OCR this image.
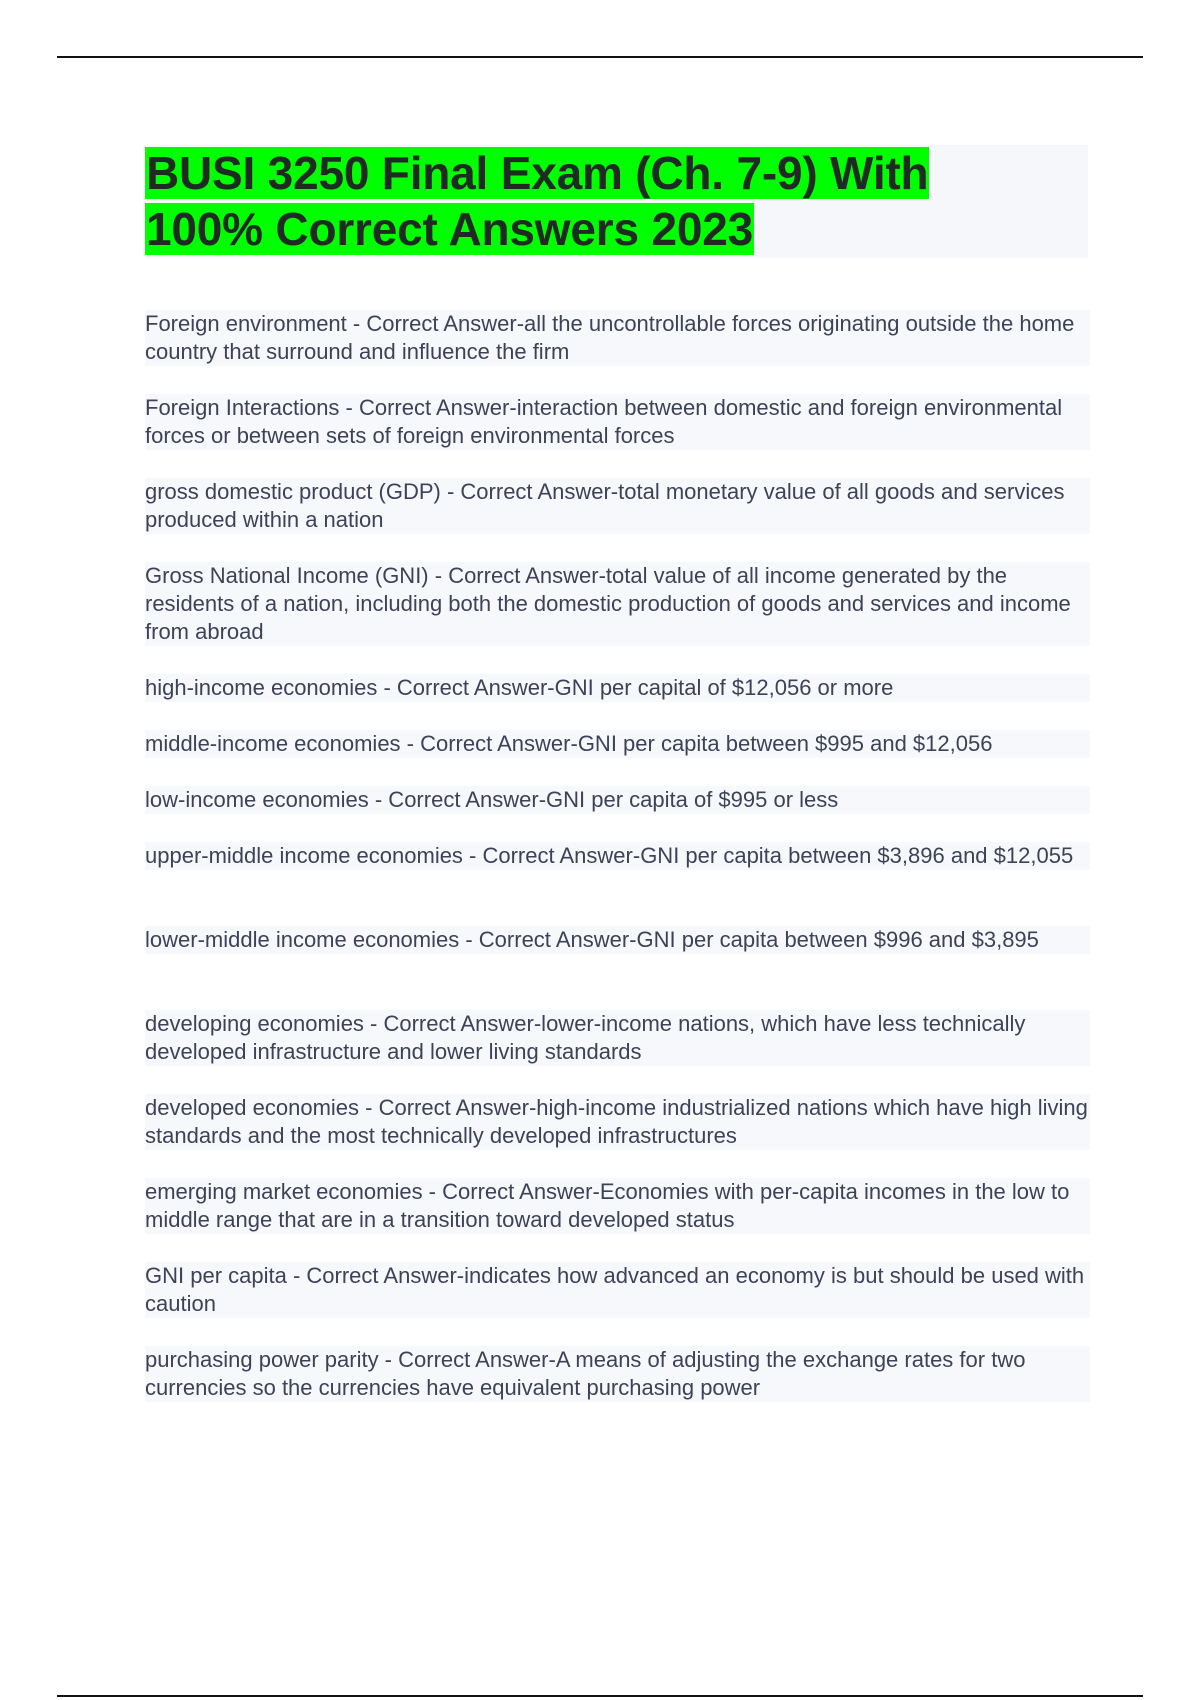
BUSI 3250 Final Exam (Ch. 7-9) With
100% Correct Answers 2023

Foreign environment - Correct Answer-all the uncontrollable forces originating outside the home country that surround and influence the firm

Foreign Interactions - Correct Answer-interaction between domestic and foreign environmental forces or between sets of foreign environmental forces

gross domestic product (GDP) - Correct Answer-total monetary value of all goods and services produced within a nation

Gross National Income (GNI) - Correct Answer-total value of all income generated by the residents of a nation, including both the domestic production of goods and services and income from abroad

high-income economies - Correct Answer-GNI per capital of $12,056 or more

middle-income economies - Correct Answer-GNI per capita between $995 and $12,056

low-income economies - Correct Answer-GNI per capita of $995 or less

upper-middle income economies - Correct Answer-GNI per capita between $3,896 and $12,055

lower-middle income economies - Correct Answer-GNI per capita between $996 and $3,895

developing economies - Correct Answer-lower-income nations, which have less technically developed infrastructure and lower living standards

developed economies - Correct Answer-high-income industrialized nations which have high living standards and the most technically developed infrastructures

emerging market economies - Correct Answer-Economies with per-capita incomes in the low to middle range that are in a transition toward developed status

GNI per capita - Correct Answer-indicates how advanced an economy is but should be used with caution

purchasing power parity - Correct Answer-A means of adjusting the exchange rates for two currencies so the currencies have equivalent purchasing power
